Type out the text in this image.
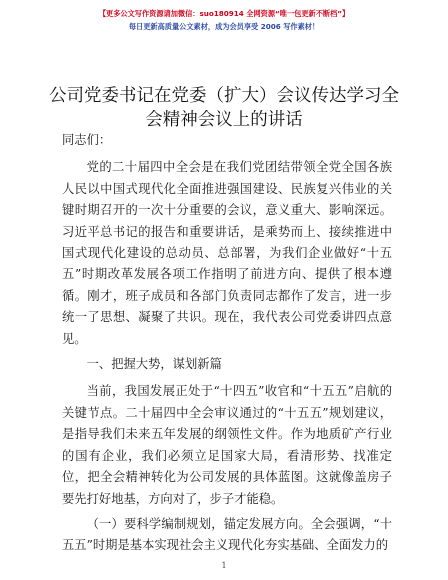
【更多公文写作资源请加微信：suo180914 全网资源“唯一包更新不断档”】
每日更新高质量公文素材，成为会员享受 2006 写作素材！
公司党委书记在党委（扩大）会议传达学习全
会精神会议上的讲话

同志们：

党的二十届四中全会是在我们党团结带领全党全国各族人民以中国式现代化全面推进强国建设、民族复兴伟业的关键时期召开的一次十分重要的会议，意义重大、影响深远。习近平总书记的报告和重要讲话，是乘势而上、接续推进中国式现代化建设的总动员、总部署，为我们企业做好“十五五”时期改革发展各项工作指明了前进方向、提供了根本遵循。刚才，班子成员和各部门负责同志都作了发言，进一步统一了思想、凝聚了共识。现在，我代表公司党委讲四点意见。

一、把握大势，谋划新篇

当前，我国发展正处于“十四五”收官和“十五五”启航的关键节点。二十届四中全会审议通过的“十五五”规划建议，是指导我们未来五年发展的纲领性文件。作为地质矿产行业的国有企业，我们必须立足国家大局，看清形势、找准定位，把全会精神转化为公司发展的具体蓝图。这就像盖房子要先打好地基，方向对了，步子才能稳。

（一）要科学编制规划，锚定发展方向。全会强调，“十五五”时期是基本实现社会主义现代化夯实基础、全面发力的

1
